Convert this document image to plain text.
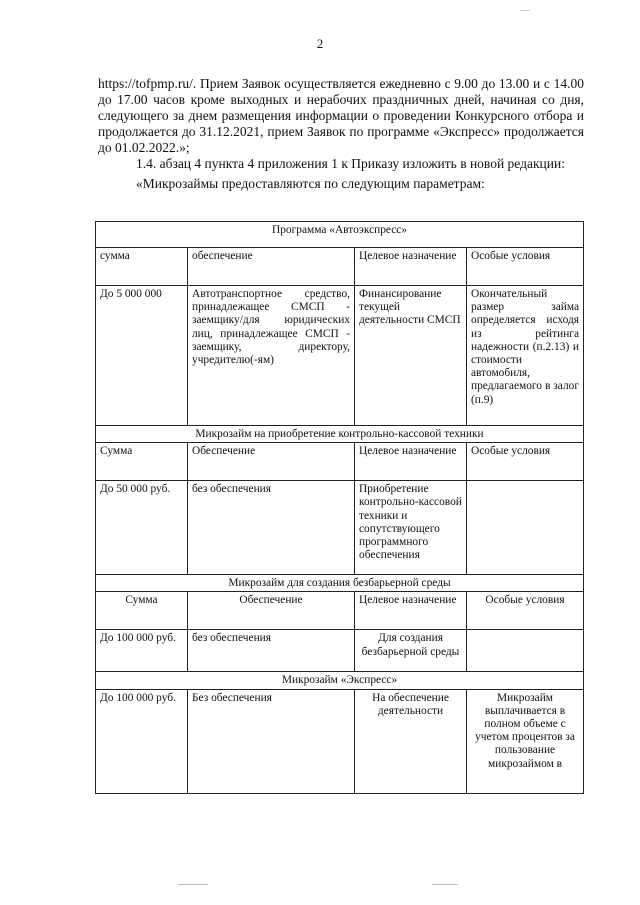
2

https://tofpmp.ru/. Прием Заявок осуществляется ежедневно с 9.00 до 13.00 и с 14.00 до 17.00 часов кроме выходных и нерабочих праздничных дней, начиная со дня, следующего за днем размещения информации о проведении Конкурсного отбора и продолжается до 31.12.2021, прием Заявок по программе «Экспресс» продолжается до 01.02.2022.»;

1.4. абзац 4 пункта 4 приложения 1 к Приказу изложить в новой редакции:

«Микрозаймы предоставляются по следующим параметрам:

Программа «Автоэкспресс»			
сумма	обеспечение	Целевое назначение	Особые условия
До 5 000 000	Автотранспортное средство, принадлежащее СМСП - заемщику/для юридических лиц, принадлежащее СМСП - заемщику, директору, учредителю(-ям)	Финансирование текущей деятельности СМСП	Окончательный размер займа определяется исходя из рейтинга надежности (п.2.13) и стоимости автомобиля, предлагаемого в залог (п.9)
Микрозайм на приобретение контрольно-кассовой техники			
Сумма	Обеспечение	Целевое назначение	Особые условия
До 50 000 руб.	без обеспечения	Приобретение контрольно-кассовой техники и сопутствующего программного обеспечения	
Микрозайм для создания безбарьерной среды			
Сумма	Обеспечение	Целевое назначение	Особые условия
До 100 000 руб.	без обеспечения	Для создания безбарьерной среды	
Микрозайм «Экспресс»			
До 100 000 руб.	Без обеспечения	На обеспечение деятельности	Микрозайм выплачивается в полном объеме с учетом процентов за пользование микрозаймом в
